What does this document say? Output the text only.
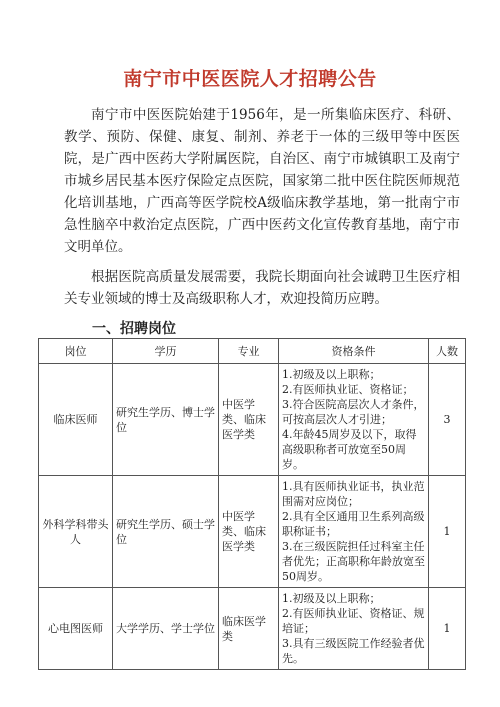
南宁市中医医院人才招聘公告

南宁市中医医院始建于1956年，是一所集临床医疗、科研、教学、预防、保健、康复、制剂、养老于一体的三级甲等中医医院，是广西中医药大学附属医院，自治区、南宁市城镇职工及南宁市城乡居民基本医疗保险定点医院，国家第二批中医住院医师规范化培训基地，广西高等医学院校A级临床教学基地，第一批南宁市急性脑卒中救治定点医院，广西中医药文化宣传教育基地，南宁市文明单位。

根据医院高质量发展需要，我院长期面向社会诚聘卫生医疗相关专业领域的博士及高级职称人才，欢迎投简历应聘。

一、招聘岗位
岗位	学历	专业	资格条件	人数
临床医师	研究生学历、博士学位	中医学类、临床医学类	1.初级及以上职称；
2.有医师执业证、资格证；
3.符合医院高层次人才条件，可按高层次人才引进；
4.年龄45周岁及以下，取得高级职称者可放宽至50周岁。	3
外科学科带头人	研究生学历、硕士学位	中医学类、临床医学类	1.具有医师执业证书，执业范围需对应岗位；
2.具有全区通用卫生系列高级职称证书；
3.在三级医院担任过科室主任者优先；正高职称年龄放宽至50周岁。	1
心电图医师	大学学历、学士学位	临床医学类	1.初级及以上职称；
2.有医师执业证、资格证、规培证；
3.具有三级医院工作经验者优先。	1
